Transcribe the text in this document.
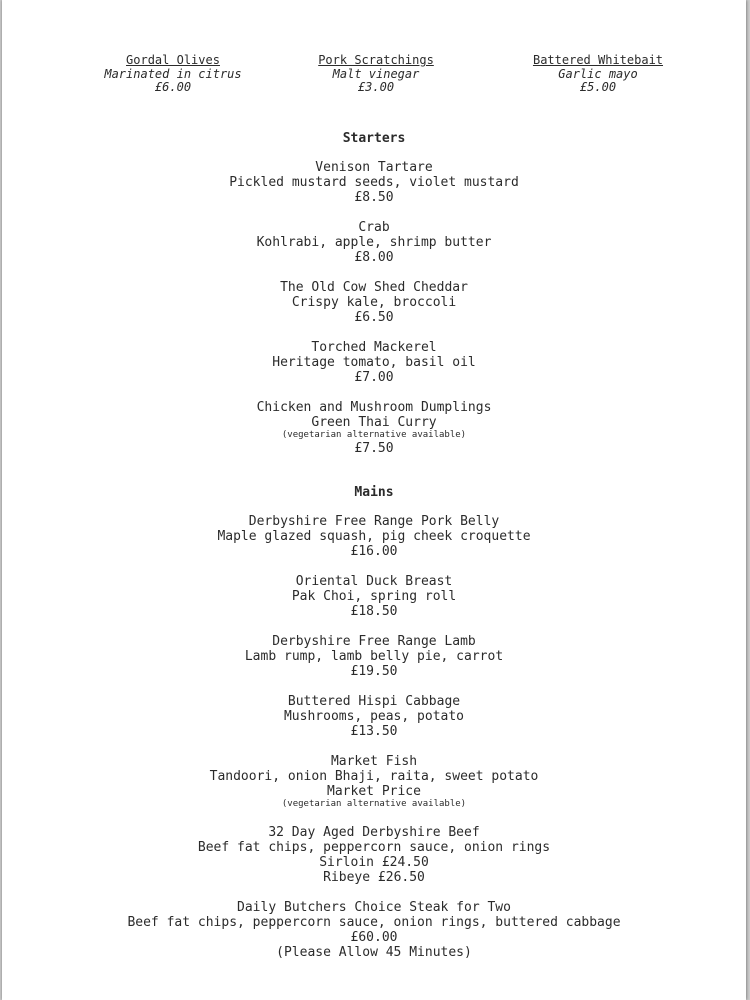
Gordal Olives
Marinated in citrus
£6.00
Pork Scratchings
Malt vinegar
£3.00
Battered Whitebait
Garlic mayo
£5.00
Starters
Venison Tartare
Pickled mustard seeds, violet mustard
£8.50
Crab
Kohlrabi, apple, shrimp butter
£8.00
The Old Cow Shed Cheddar
Crispy kale, broccoli
£6.50
Torched Mackerel
Heritage tomato, basil oil
£7.00
Chicken and Mushroom Dumplings
Green Thai Curry
(vegetarian alternative available)
£7.50
Mains
Derbyshire Free Range Pork Belly
Maple glazed squash, pig cheek croquette
£16.00
Oriental Duck Breast
Pak Choi, spring roll
£18.50
Derbyshire Free Range Lamb
Lamb rump, lamb belly pie, carrot
£19.50
Buttered Hispi Cabbage
Mushrooms, peas, potato
£13.50
Market Fish
Tandoori, onion Bhaji, raita, sweet potato
Market Price
(vegetarian alternative available)
32 Day Aged Derbyshire Beef
Beef fat chips, peppercorn sauce, onion rings
Sirloin £24.50
Ribeye £26.50
Daily Butchers Choice Steak for Two
Beef fat chips, peppercorn sauce, onion rings, buttered cabbage
£60.00
(Please Allow 45 Minutes)
